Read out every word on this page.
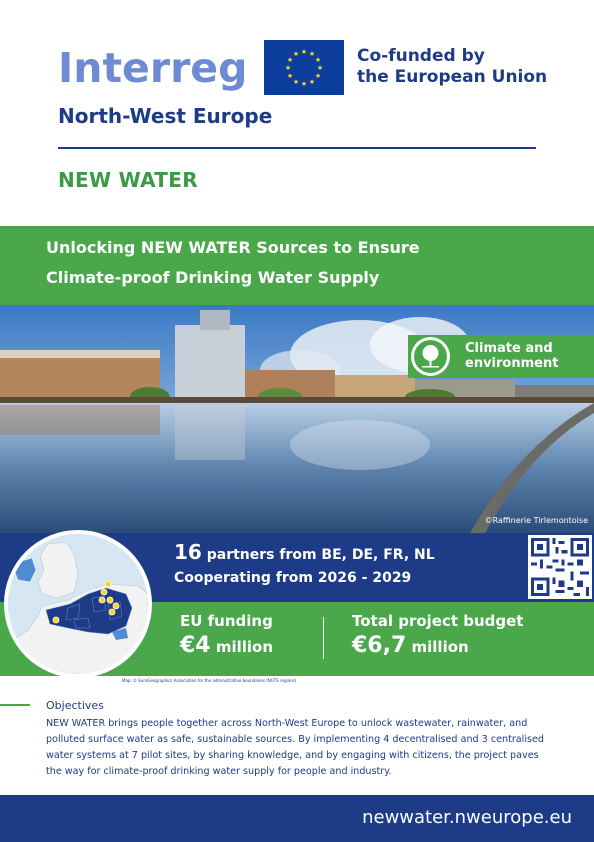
Interreg	★ ★
★
★
★
★
★
★
★
★
★
★	Co-funded by
the European Union
North-West Europe
NEW WATER
Unlocking NEW WATER Sources to Ensure
Climate-proof Drinking Water Supply
Climate and
environment
©Raffinerie Tirlemontoise
16 partners from BE, DE, FR, NL
Cooperating from 2026 - 2029
EU funding
€4 million
Total project budget
€6,7 million
Map: © EuroGeographics Association for the administrative boundaries (NUTS regions)
Objectives
NEW WATER brings people together across North-West Europe to unlock wastewater, rainwater, and polluted surface water as safe, sustainable sources. By implementing 4 decentralised and 3 centralised water systems at 7 pilot sites, by sharing knowledge, and by engaging with citizens, the project paves the way for climate-proof drinking water supply for people and industry.
newwater.nweurope.eu
